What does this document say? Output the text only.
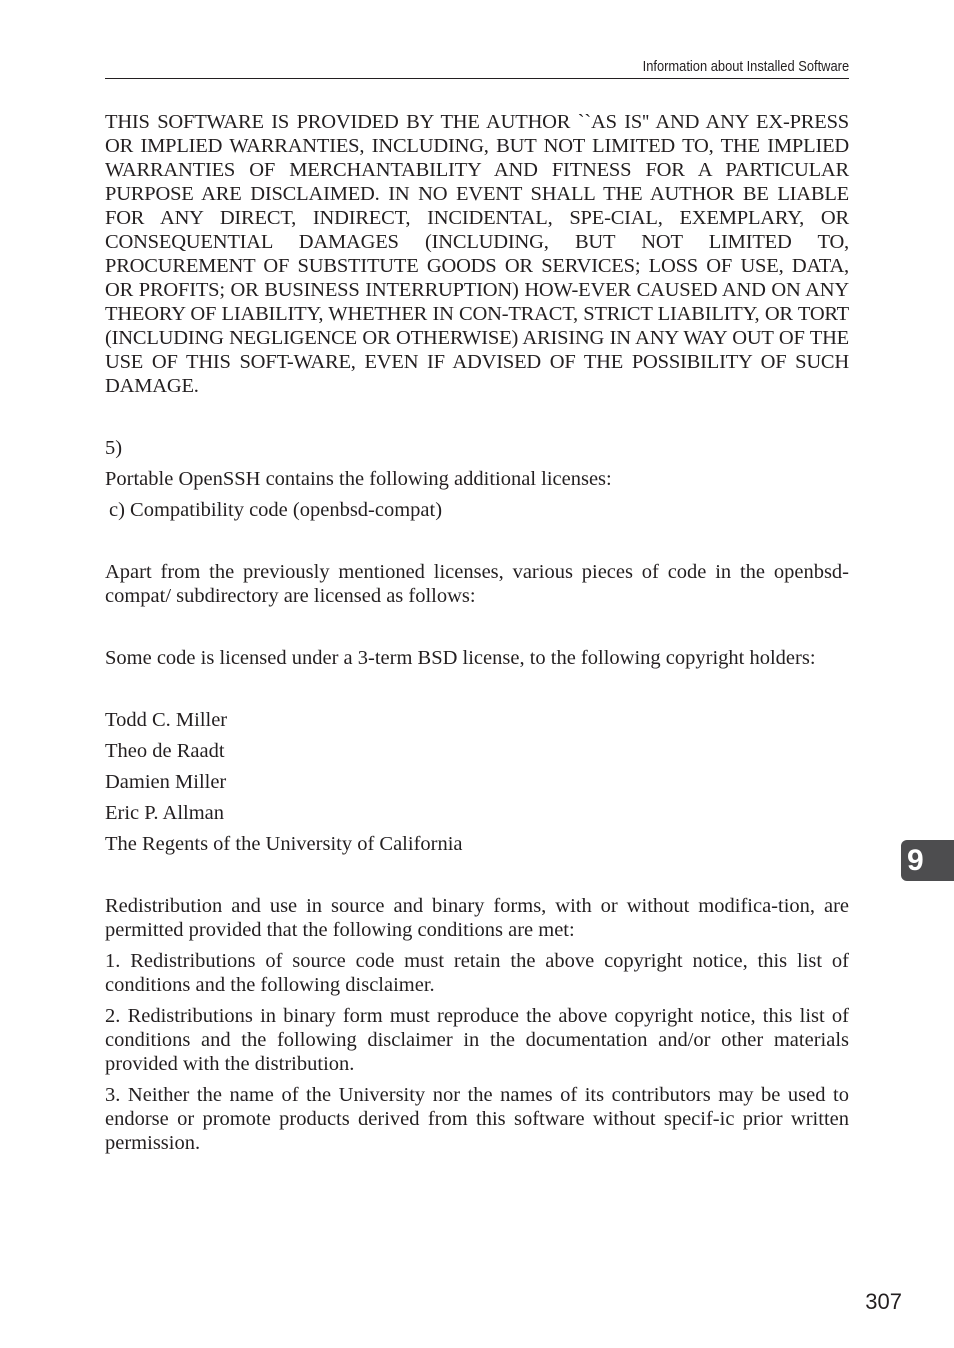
Information about Installed Software

THIS SOFTWARE IS PROVIDED BY THE AUTHOR ``AS IS'' AND ANY EX-PRESS OR IMPLIED WARRANTIES, INCLUDING, BUT NOT LIMITED TO, THE IMPLIED WARRANTIES OF MERCHANTABILITY AND FITNESS FOR A PARTICULAR PURPOSE ARE DISCLAIMED. IN NO EVENT SHALL THE AUTHOR BE LIABLE FOR ANY DIRECT, INDIRECT, INCIDENTAL, SPE-CIAL, EXEMPLARY, OR CONSEQUENTIAL DAMAGES (INCLUDING, BUT NOT LIMITED TO, PROCUREMENT OF SUBSTITUTE GOODS OR SERVICES; LOSS OF USE, DATA, OR PROFITS; OR BUSINESS INTERRUPTION) HOW-EVER CAUSED AND ON ANY THEORY OF LIABILITY, WHETHER IN CON-TRACT, STRICT LIABILITY, OR TORT (INCLUDING NEGLIGENCE OR OTHERWISE) ARISING IN ANY WAY OUT OF THE USE OF THIS SOFT-WARE, EVEN IF ADVISED OF THE POSSIBILITY OF SUCH DAMAGE.

5)

Portable OpenSSH contains the following additional licenses:

c) Compatibility code (openbsd-compat)

Apart from the previously mentioned licenses, various pieces of code in the openbsd-compat/ subdirectory are licensed as follows:

Some code is licensed under a 3-term BSD license, to the following copyright holders:

Todd C. Miller

Theo de Raadt

Damien Miller

Eric P. Allman

The Regents of the University of California

Redistribution and use in source and binary forms, with or without modifica-tion, are permitted provided that the following conditions are met:

1. Redistributions of source code must retain the above copyright notice, this list of conditions and the following disclaimer.

2. Redistributions in binary form must reproduce the above copyright notice, this list of conditions and the following disclaimer in the documentation and/or other materials provided with the distribution.

3. Neither the name of the University nor the names of its contributors may be used to endorse or promote products derived from this software without specif-ic prior written permission.

9
307
